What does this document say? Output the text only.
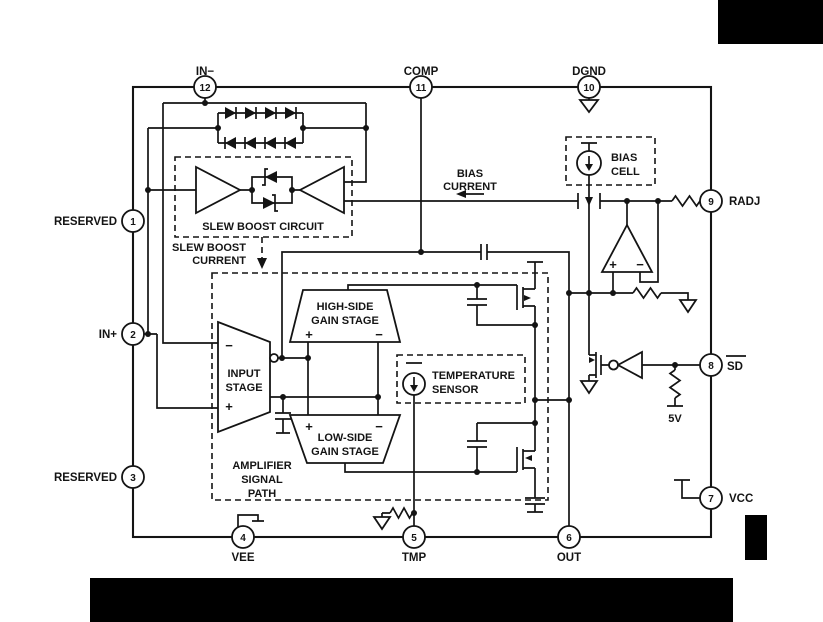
1
RESERVED
2
IN+
3
RESERVED
4
VEE
5
TMP
6
OUT
7 VCC
8 SD
9 RADJ
10
DGND
11
COMP
12
IN−
SLEW BOOST CIRCUIT
INPUT
STAGE
HIGH-SIDE
GAIN STAGE
LOW-SIDE
GAIN STAGE
TEMPERATURE
SENSOR
BIAS
CELL
AMPLIFIER
SIGNAL
PATH
SLEW BOOST
CURRENT
BIAS
CURRENT
5V
−
+
+	−
+	−
+ −
